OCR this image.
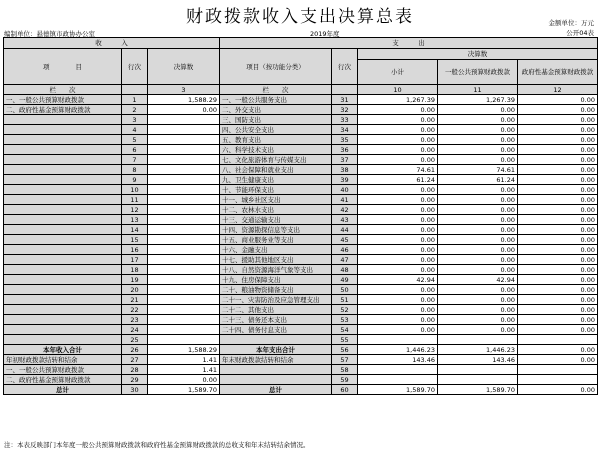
财政拨款收入支出决算总表	金额单位：万元
编制单位：悬德镇市政协办公室	2019年度	公开04表
收　　　入			支　　　出				
项　　　　目	行次	决算数	项目（按功能分类）	行次	决算数		
					小计	一般公共预算财政拨款	政府性基金预算财政拨款
栏　　次		3	栏　　次		10	11	12
一、一般公共预算财政拨款	1	1,588.29	一、一般公共服务支出	31	1,267.39	1,267.39	0.00
二、政府性基金预算财政拨款	2	0.00	二、外交支出	32	0.00	0.00	0.00
	3		三、国防支出	33	0.00	0.00	0.00
	4		四、公共安全支出	34	0.00	0.00	0.00
	5		五、教育支出	35	0.00	0.00	0.00
	6		六、科学技术支出	36	0.00	0.00	0.00
	7		七、文化旅游体育与传媒支出	37	0.00	0.00	0.00
	8		八、社会保障和就业支出	38	74.61	74.61	0.00
	9		九、卫生健康支出	39	61.24	61.24	0.00
	10		十、节能环保支出	40	0.00	0.00	0.00
	11		十一、城乡社区支出	41	0.00	0.00	0.00
	12		十二、农林水支出	42	0.00	0.00	0.00
	13		十三、交通运输支出	43	0.00	0.00	0.00
	14		十四、资源勘探信息等支出	44	0.00	0.00	0.00
	15		十五、商业服务业等支出	45	0.00	0.00	0.00
	16		十六、金融支出	46	0.00	0.00	0.00
	17		十七、援助其他地区支出	47	0.00	0.00	0.00
	18		十八、自然资源海洋气象等支出	48	0.00	0.00	0.00
	19		十九、住房保障支出	49	42.94	42.94	0.00
	20		二十、粮油物资储备支出	50	0.00	0.00	0.00
	21		二十一、灾害防治及应急管理支出	51	0.00	0.00	0.00
	22		二十二、其他支出	52	0.00	0.00	0.00
	23		二十三、债务还本支出	53	0.00	0.00	0.00
	24		二十四、债务付息支出	54	0.00	0.00	0.00
	25			55			
本年收入合计	26	1,588.29	本年支出合计	56	1,446.23	1,446.23	0.00
年初财政拨款结转和结余	27	1.41	年末财政拨款结转和结余	57	143.46	143.46	0.00
一、一般公共预算财政拨款	28	1.41		58			
二、政府性基金预算财政拨款	29	0.00		59			
总计	30	1,589.70	总计	60	1,589.70	1,589.70	0.00
注：本表反映部门本年度一般公共预算财政拨款和政府性基金预算财政拨款的总收支和年末结转结余情况。
